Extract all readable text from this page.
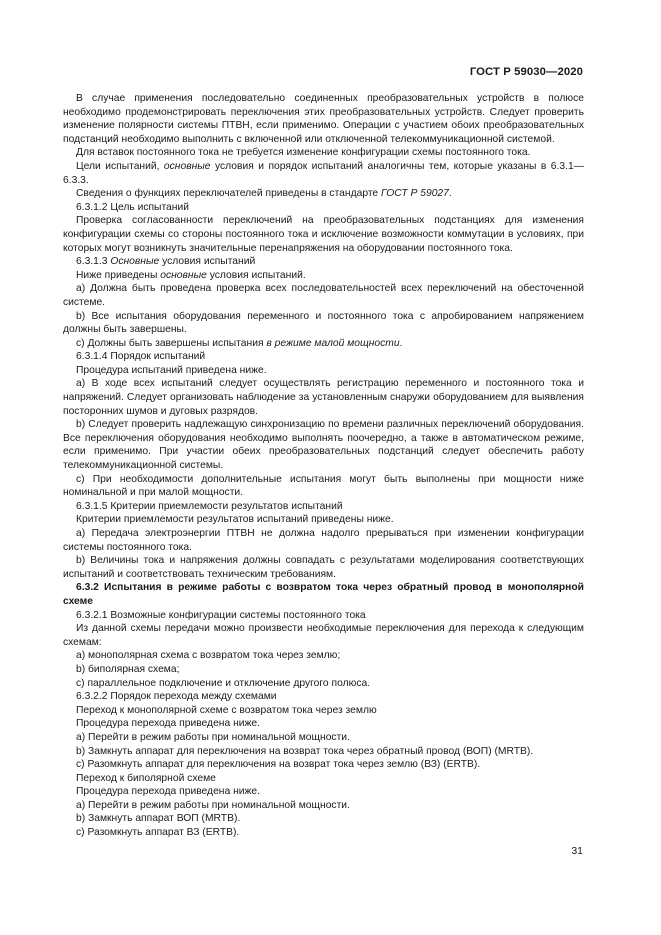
ГОСТ Р 59030—2020

В случае применения последовательно соединенных преобразовательных устройств в полюсе необходимо продемонстрировать переключения этих преобразовательных устройств. Следует проверить изменение полярности системы ПТВН, если применимо. Операции с участием обоих преобразовательных подстанций необходимо выполнить с включенной или отключенной телекоммуникационной системой.

Для вставок постоянного тока не требуется изменение конфигурации схемы постоянного тока.

Цели испытаний, основные условия и порядок испытаний аналогичны тем, которые указаны в 6.3.1—6.3.3.

Сведения о функциях переключателей приведены в стандарте ГОСТ Р 59027.

6.3.1.2 Цель испытаний

Проверка согласованности переключений на преобразовательных подстанциях для изменения конфигурации схемы со стороны постоянного тока и исключение возможности коммутации в условиях, при которых могут возникнуть значительные перенапряжения на оборудовании постоянного тока.

6.3.1.3 Основные условия испытаний

Ниже приведены основные условия испытаний.

a) Должна быть проведена проверка всех последовательностей всех переключений на обесточенной системе.

b) Все испытания оборудования переменного и постоянного тока с апробированием напряжением должны быть завершены.

c) Должны быть завершены испытания в режиме малой мощности.

6.3.1.4 Порядок испытаний

Процедура испытаний приведена ниже.

a) В ходе всех испытаний следует осуществлять регистрацию переменного и постоянного тока и напряжений. Следует организовать наблюдение за установленным снаружи оборудованием для выявления посторонних шумов и дуговых разрядов.

b) Следует проверить надлежащую синхронизацию по времени различных переключений оборудования. Все переключения оборудования необходимо выполнять поочередно, а также в автоматическом режиме, если применимо. При участии обеих преобразовательных подстанций следует обеспечить работу телекоммуникационной системы.

c) При необходимости дополнительные испытания могут быть выполнены при мощности ниже номинальной и при малой мощности.

6.3.1.5 Критерии приемлемости результатов испытаний

Критерии приемлемости результатов испытаний приведены ниже.

a) Передача электроэнергии ПТВН не должна надолго прерываться при изменении конфигурации системы постоянного тока.

b) Величины тока и напряжения должны совпадать с результатами моделирования соответствующих испытаний и соответствовать техническим требованиям.

6.3.2 Испытания в режиме работы с возвратом тока через обратный провод в монополярной схеме

6.3.2.1 Возможные конфигурации системы постоянного тока

Из данной схемы передачи можно произвести необходимые переключения для перехода к следующим схемам:

a) монополярная схема с возвратом тока через землю;

b) биполярная схема;

c) параллельное подключение и отключение другого полюса.

6.3.2.2 Порядок перехода между схемами

Переход к монополярной схеме с возвратом тока через землю

Процедура перехода приведена ниже.

a) Перейти в режим работы при номинальной мощности.

b) Замкнуть аппарат для переключения на возврат тока через обратный провод (ВОП) (MRTB).

c) Разомкнуть аппарат для переключения на возврат тока через землю (ВЗ) (ERTB).

Переход к биполярной схеме

Процедура перехода приведена ниже.

a) Перейти в режим работы при номинальной мощности.

b) Замкнуть аппарат ВОП (MRTB).

c) Разомкнуть аппарат ВЗ (ERTB).

31
